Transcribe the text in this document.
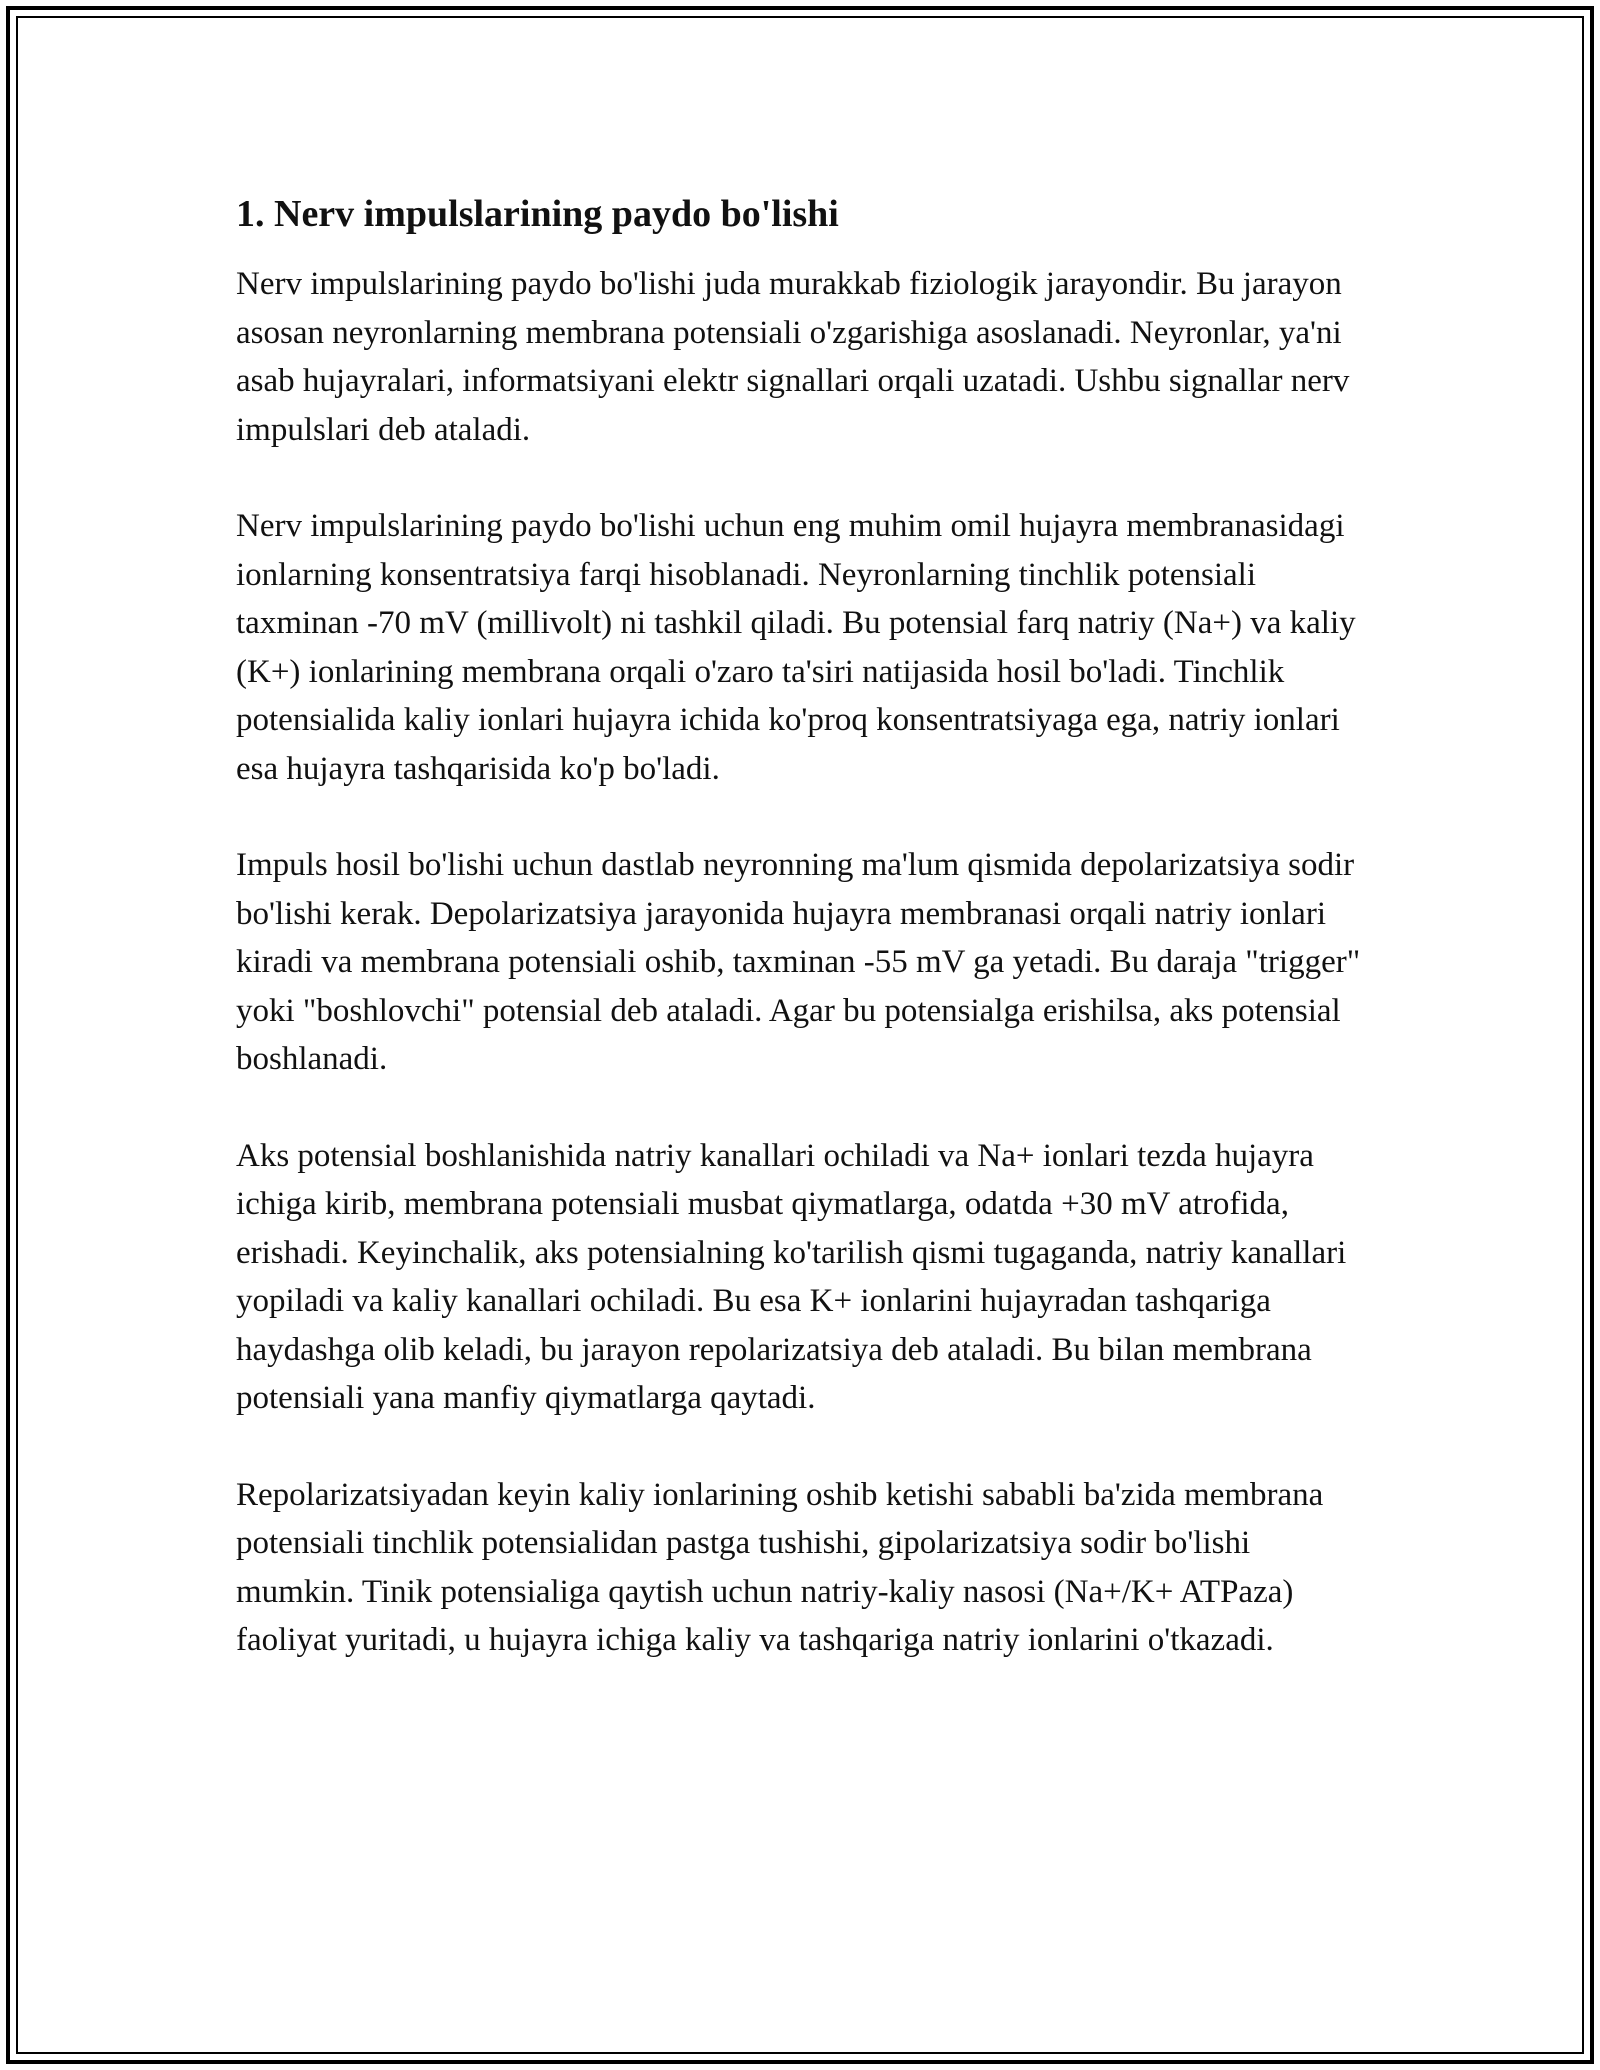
1. Nerv impulslarining paydo bo'lishi

Nerv impulslarining paydo bo'lishi juda murakkab fiziologik jarayondir. Bu jarayon asosan neyronlarning membrana potensiali o'zgarishiga asoslanadi. Neyronlar, ya'ni asab hujayralari, informatsiyani elektr signallari orqali uzatadi. Ushbu signallar nerv impulslari deb ataladi.

Nerv impulslarining paydo bo'lishi uchun eng muhim omil hujayra membranasidagi ionlarning konsentratsiya farqi hisoblanadi. Neyronlarning tinchlik potensiali taxminan -70 mV (millivolt) ni tashkil qiladi. Bu potensial farq natriy (Na+) va kaliy (K+) ionlarining membrana orqali o'zaro ta'siri natijasida hosil bo'ladi. Tinchlik potensialida kaliy ionlari hujayra ichida ko'proq konsentratsiyaga ega, natriy ionlari esa hujayra tashqarisida ko'p bo'ladi.

Impuls hosil bo'lishi uchun dastlab neyronning ma'lum qismida depolarizatsiya sodir bo'lishi kerak. Depolarizatsiya jarayonida hujayra membranasi orqali natriy ionlari kiradi va membrana potensiali oshib, taxminan -55 mV ga yetadi. Bu daraja "trigger" yoki "boshlovchi" potensial deb ataladi. Agar bu potensialga erishilsa, aks potensial boshlanadi.

Aks potensial boshlanishida natriy kanallari ochiladi va Na+ ionlari tezda hujayra ichiga kirib, membrana potensiali musbat qiymatlarga, odatda +30 mV atrofida, erishadi. Keyinchalik, aks potensialning ko'tarilish qismi tugaganda, natriy kanallari yopiladi va kaliy kanallari ochiladi. Bu esa K+ ionlarini hujayradan tashqariga haydashga olib keladi, bu jarayon repolarizatsiya deb ataladi. Bu bilan membrana potensiali yana manfiy qiymatlarga qaytadi.

Repolarizatsiyadan keyin kaliy ionlarining oshib ketishi sababli ba'zida membrana potensiali tinchlik potensialidan pastga tushishi, gipolarizatsiya sodir bo'lishi mumkin. Tinik potensialiga qaytish uchun natriy-kaliy nasosi (Na+/K+ ATPaza) faoliyat yuritadi, u hujayra ichiga kaliy va tashqariga natriy ionlarini o'tkazadi.
